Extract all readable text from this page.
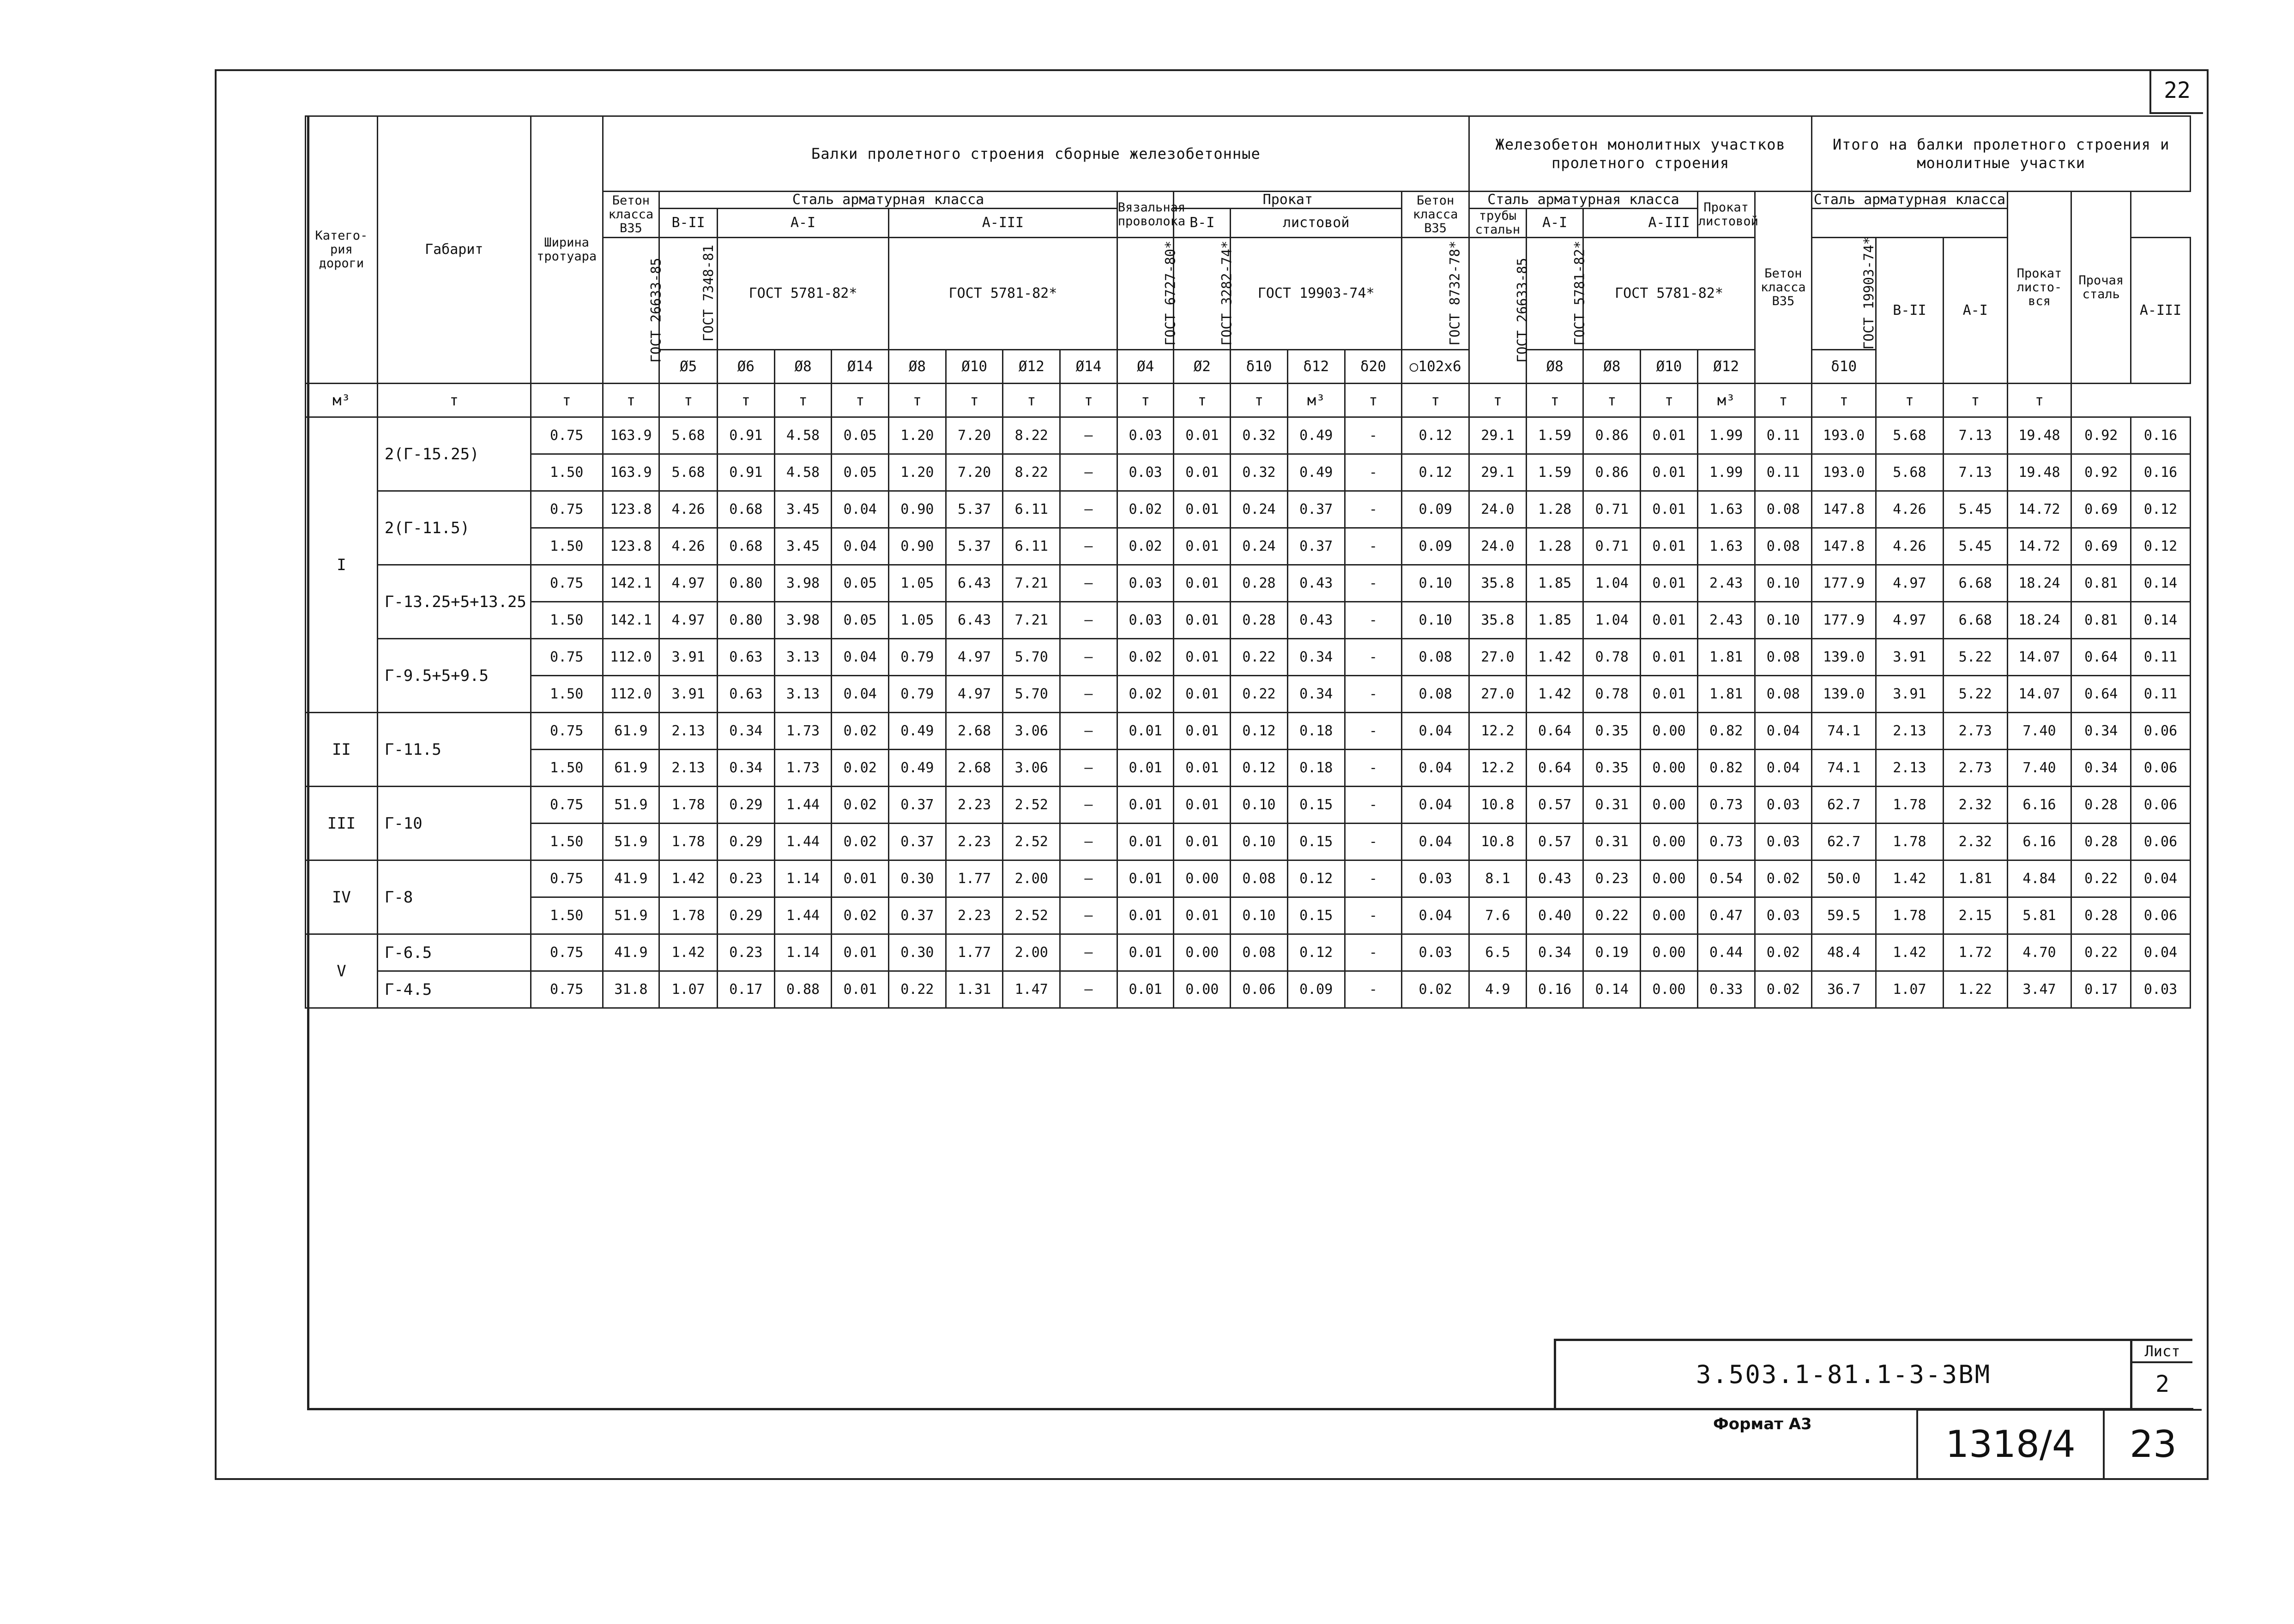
22
Катего-рия дороги	Габарит	Ширина тротуара	Балки пролетного строения сборные железобетонные															Железобетон монолитных участков пролетного строения						Итого на балки пролетного строения и монолитные участки					
			Бетон класса В35	Сталь арматурная класса								Вязальная проволока	Прокат				Бетон класса В35	Сталь арматурная класса				Прокат листовой	Бетон класса В35	Сталь арматурная класса			Прокат листо-вся	Прочая сталь	
				В-II	А-I			А-III					В-I	листовой				трубы стальн	А-I	А-III									
			ГОСТ 26633-85	ГОСТ 7348-81	ГОСТ 5781-82*			ГОСТ 5781-82*				ГОСТ 6727-80*	ГОСТ 3282-74*	ГОСТ 19903-74*			ГОСТ 8732-78*	ГОСТ 26633-85	ГОСТ 5781-82*	ГОСТ 5781-82*				ГОСТ 19903-74*	В-II	А-I			А-III
				Ø5	Ø6	Ø8	Ø14	Ø8	Ø10	Ø12	Ø14	Ø4	Ø2	δ10	δ12	δ20	○102х6		Ø8	Ø8	Ø10	Ø12		δ10					
м³	т	т	т	т	т	т	т	т	т	т	т	т	т	т	м³	т	т	т	т	т	т	м³	т	т	т	т	т		
I	2(Г-15.25)	0.75	163.9	5.68	0.91	4.58	0.05	1.20	7.20	8.22	–	0.03	0.01	0.32	0.49	-	0.12	29.1	1.59	0.86	0.01	1.99	0.11	193.0	5.68	7.13	19.48	0.92	0.16
		1.50	163.9	5.68	0.91	4.58	0.05	1.20	7.20	8.22	–	0.03	0.01	0.32	0.49	-	0.12	29.1	1.59	0.86	0.01	1.99	0.11	193.0	5.68	7.13	19.48	0.92	0.16
	2(Г-11.5)	0.75	123.8	4.26	0.68	3.45	0.04	0.90	5.37	6.11	–	0.02	0.01	0.24	0.37	-	0.09	24.0	1.28	0.71	0.01	1.63	0.08	147.8	4.26	5.45	14.72	0.69	0.12
		1.50	123.8	4.26	0.68	3.45	0.04	0.90	5.37	6.11	–	0.02	0.01	0.24	0.37	-	0.09	24.0	1.28	0.71	0.01	1.63	0.08	147.8	4.26	5.45	14.72	0.69	0.12
	Г-13.25+5+13.25	0.75	142.1	4.97	0.80	3.98	0.05	1.05	6.43	7.21	–	0.03	0.01	0.28	0.43	-	0.10	35.8	1.85	1.04	0.01	2.43	0.10	177.9	4.97	6.68	18.24	0.81	0.14
		1.50	142.1	4.97	0.80	3.98	0.05	1.05	6.43	7.21	–	0.03	0.01	0.28	0.43	-	0.10	35.8	1.85	1.04	0.01	2.43	0.10	177.9	4.97	6.68	18.24	0.81	0.14
	Г-9.5+5+9.5	0.75	112.0	3.91	0.63	3.13	0.04	0.79	4.97	5.70	–	0.02	0.01	0.22	0.34	-	0.08	27.0	1.42	0.78	0.01	1.81	0.08	139.0	3.91	5.22	14.07	0.64	0.11
		1.50	112.0	3.91	0.63	3.13	0.04	0.79	4.97	5.70	–	0.02	0.01	0.22	0.34	-	0.08	27.0	1.42	0.78	0.01	1.81	0.08	139.0	3.91	5.22	14.07	0.64	0.11
II	Г-11.5	0.75	61.9	2.13	0.34	1.73	0.02	0.49	2.68	3.06	–	0.01	0.01	0.12	0.18	-	0.04	12.2	0.64	0.35	0.00	0.82	0.04	74.1	2.13	2.73	7.40	0.34	0.06
		1.50	61.9	2.13	0.34	1.73	0.02	0.49	2.68	3.06	–	0.01	0.01	0.12	0.18	-	0.04	12.2	0.64	0.35	0.00	0.82	0.04	74.1	2.13	2.73	7.40	0.34	0.06
III	Г-10	0.75	51.9	1.78	0.29	1.44	0.02	0.37	2.23	2.52	–	0.01	0.01	0.10	0.15	-	0.04	10.8	0.57	0.31	0.00	0.73	0.03	62.7	1.78	2.32	6.16	0.28	0.06
		1.50	51.9	1.78	0.29	1.44	0.02	0.37	2.23	2.52	–	0.01	0.01	0.10	0.15	-	0.04	10.8	0.57	0.31	0.00	0.73	0.03	62.7	1.78	2.32	6.16	0.28	0.06
IV	Г-8	0.75	41.9	1.42	0.23	1.14	0.01	0.30	1.77	2.00	–	0.01	0.00	0.08	0.12	-	0.03	8.1	0.43	0.23	0.00	0.54	0.02	50.0	1.42	1.81	4.84	0.22	0.04
		1.50	51.9	1.78	0.29	1.44	0.02	0.37	2.23	2.52	–	0.01	0.01	0.10	0.15	-	0.04	7.6	0.40	0.22	0.00	0.47	0.03	59.5	1.78	2.15	5.81	0.28	0.06
V	Г-6.5	0.75	41.9	1.42	0.23	1.14	0.01	0.30	1.77	2.00	–	0.01	0.00	0.08	0.12	-	0.03	6.5	0.34	0.19	0.00	0.44	0.02	48.4	1.42	1.72	4.70	0.22	0.04
	Г-4.5	0.75	31.8	1.07	0.17	0.88	0.01	0.22	1.31	1.47	–	0.01	0.00	0.06	0.09	-	0.02	4.9	0.16	0.14	0.00	0.33	0.02	36.7	1.07	1.22	3.47	0.17	0.03
3.503.1-81.1-3-3ВМ
Лист
2
Формат А3	1318/4	23
